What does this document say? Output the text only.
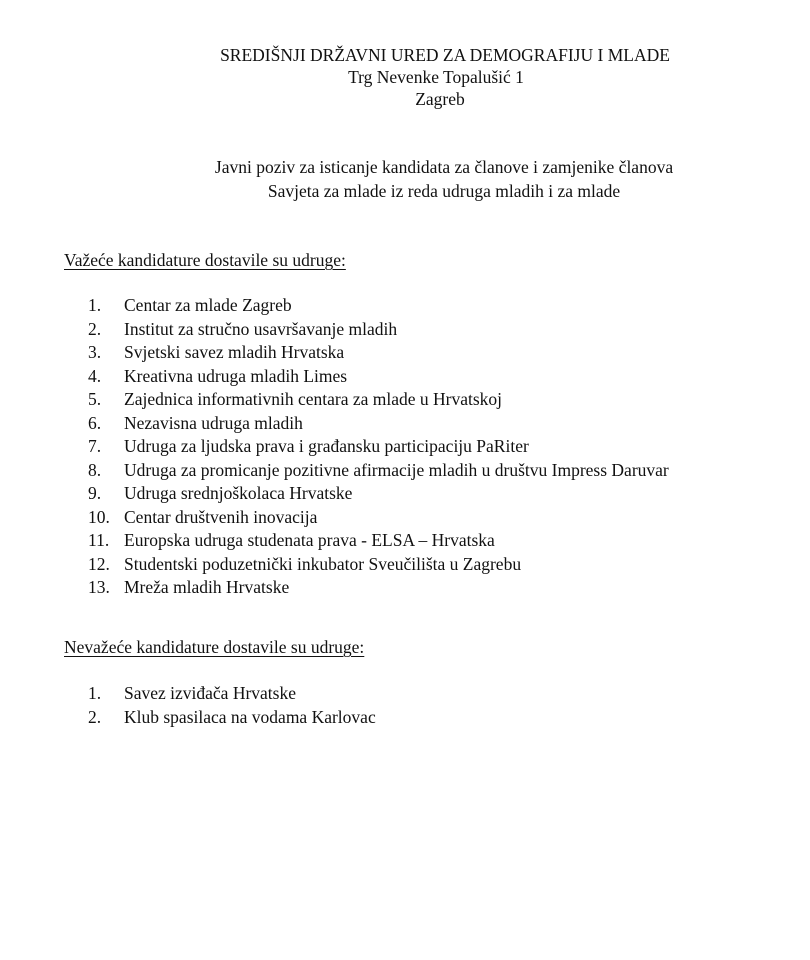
SREDIŠNJI DRŽAVNI URED ZA DEMOGRAFIJU I MLADE
Trg Nevenke Topalušić 1
Zagreb
Javni poziv za isticanje kandidata za članove i zamjenike članova
Savjeta za mlade iz reda udruga mladih i za mlade
Važeće kandidature dostavile su udruge:
1.	Centar za mlade Zagreb
2.	Institut za stručno usavršavanje mladih
3.	Svjetski savez mladih Hrvatska
4.	Kreativna udruga mladih Limes
5.	Zajednica informativnih centara za mlade u Hrvatskoj
6.	Nezavisna udruga mladih
7.	Udruga za ljudska prava i građansku participaciju PaRiter
8.	Udruga za promicanje pozitivne afirmacije mladih u društvu Impress Daruvar
9.	Udruga srednjoškolaca Hrvatske
10. Centar društvenih inovacija
11. Europska udruga studenata prava - ELSA – Hrvatska
12. Studentski poduzetnički inkubator Sveučilišta u Zagrebu
13. Mreža mladih Hrvatske
Nevažeće kandidature dostavile su udruge:
1.	Savez izviđača Hrvatske
2.	Klub spasilaca na vodama Karlovac
